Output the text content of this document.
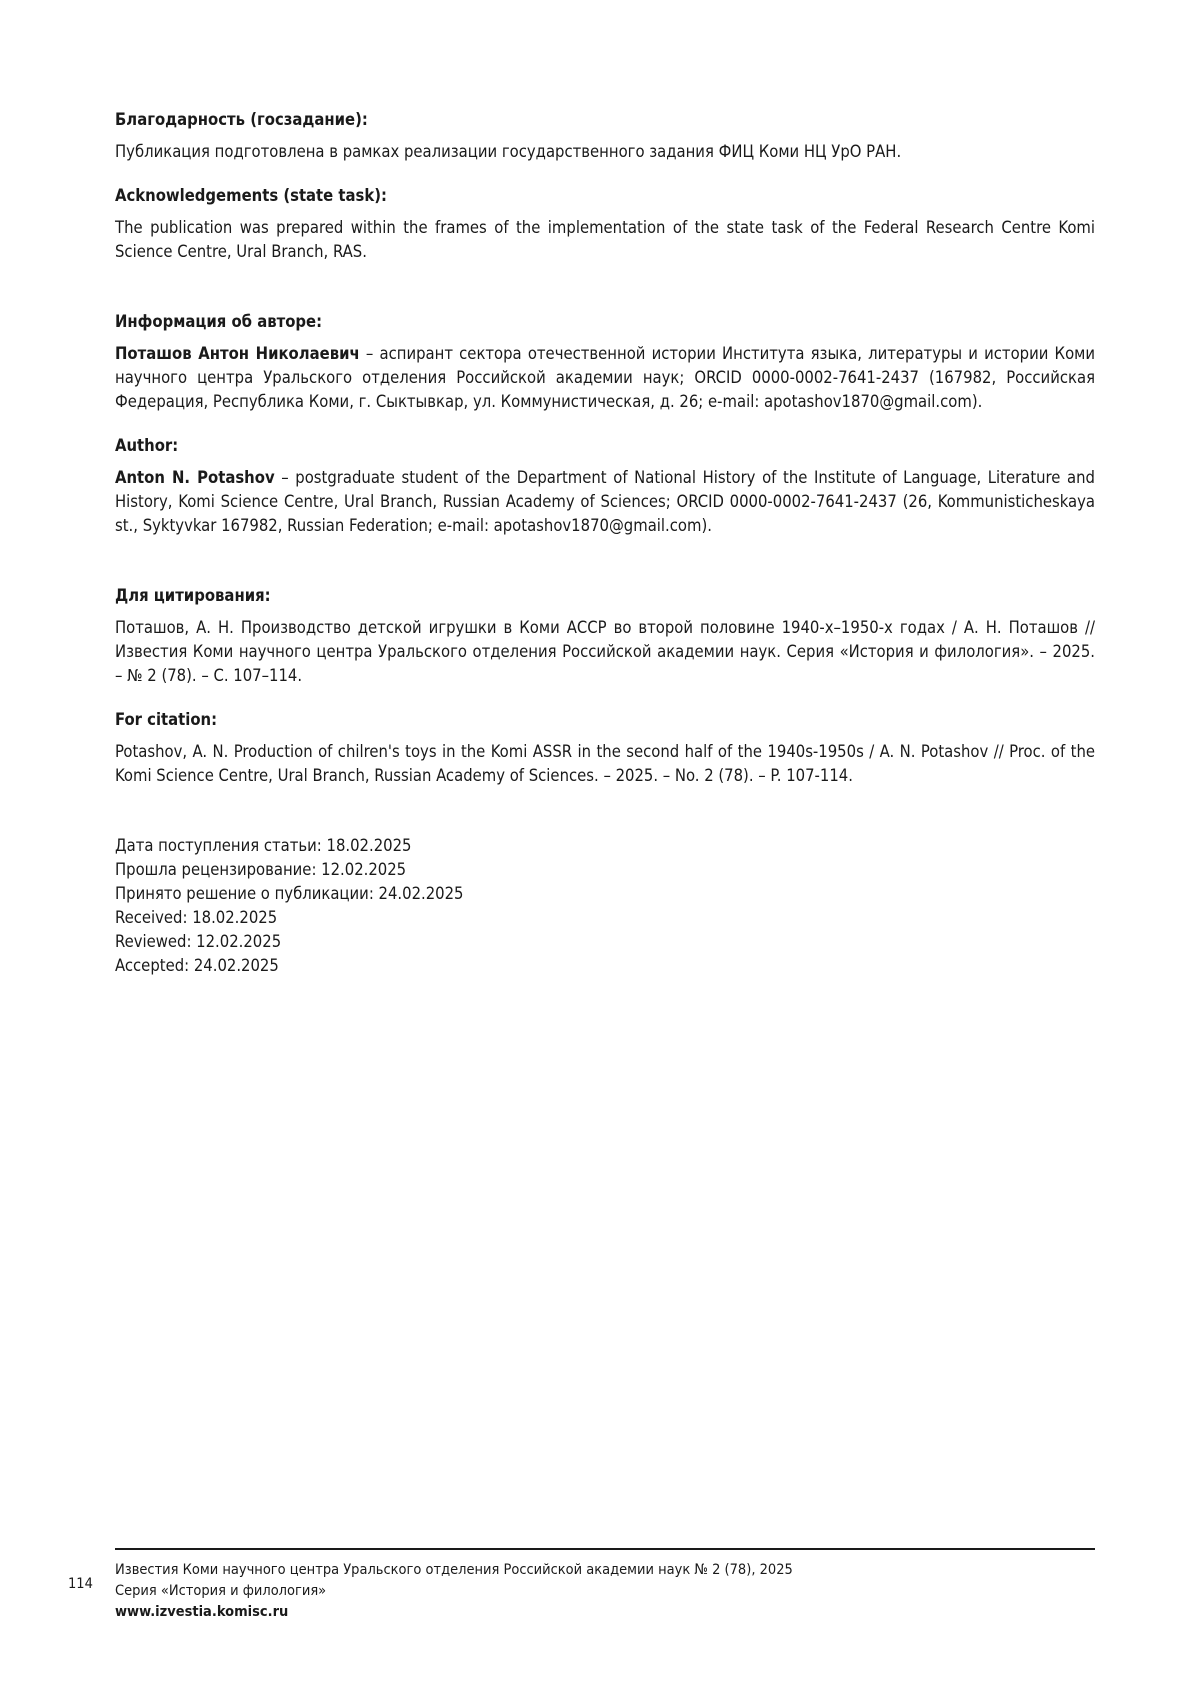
Благодарность (госзадание):

Публикация подготовлена в рамках реализации государственного задания ФИЦ Коми НЦ УрО РАН.

Acknowledgements (state task):

The publication was prepared within the frames of the implementation of the state task of the Federal Research Centre Komi Science Centre, Ural Branch, RAS.

Информация об авторе:

Поташов Антон Николаевич – аспирант сектора отечественной истории Института языка, литературы и истории Коми научного центра Уральского отделения Российской академии наук; ORCID 0000-0002-7641-2437 (167982, Российская Федерация, Республика Коми, г. Сыктывкар, ул. Коммунистическая, д. 26; e-mail: apotashov1870@gmail.com).

Author:

Anton N. Potashov – postgraduate student of the Department of National History of the Institute of Language, Literature and History, Komi Science Centre, Ural Branch, Russian Academy of Sciences; ORCID 0000-0002-7641-2437 (26, Kommunisticheskaya st., Syktyvkar 167982, Russian Federation; e-mail: apotashov1870@gmail.com).

Для цитирования:

Поташов, А. Н. Производство детской игрушки в Коми АССР во второй половине 1940-х–1950-х годах / А. Н. Поташов // Известия Коми научного центра Уральского отделения Российской академии наук. Серия «История и филология». – 2025. – № 2 (78). – С. 107–114.

For citation:

Potashov, A. N. Production of chilren's toys in the Komi ASSR in the second half of the 1940s-1950s / A. N. Potashov // Proc. of the Komi Science Centre, Ural Branch, Russian Academy of Sciences. – 2025. – No. 2 (78). – P. 107-114.

Дата поступления статьи: 18.02.2025

Прошла рецензирование: 12.02.2025

Принято решение о публикации: 24.02.2025

Received: 18.02.2025

Reviewed: 12.02.2025

Accepted: 24.02.2025

114

Известия Коми научного центра Уральского отделения Российской академии наук № 2 (78), 2025

Серия «История и филология»

www.izvestia.komisc.ru
